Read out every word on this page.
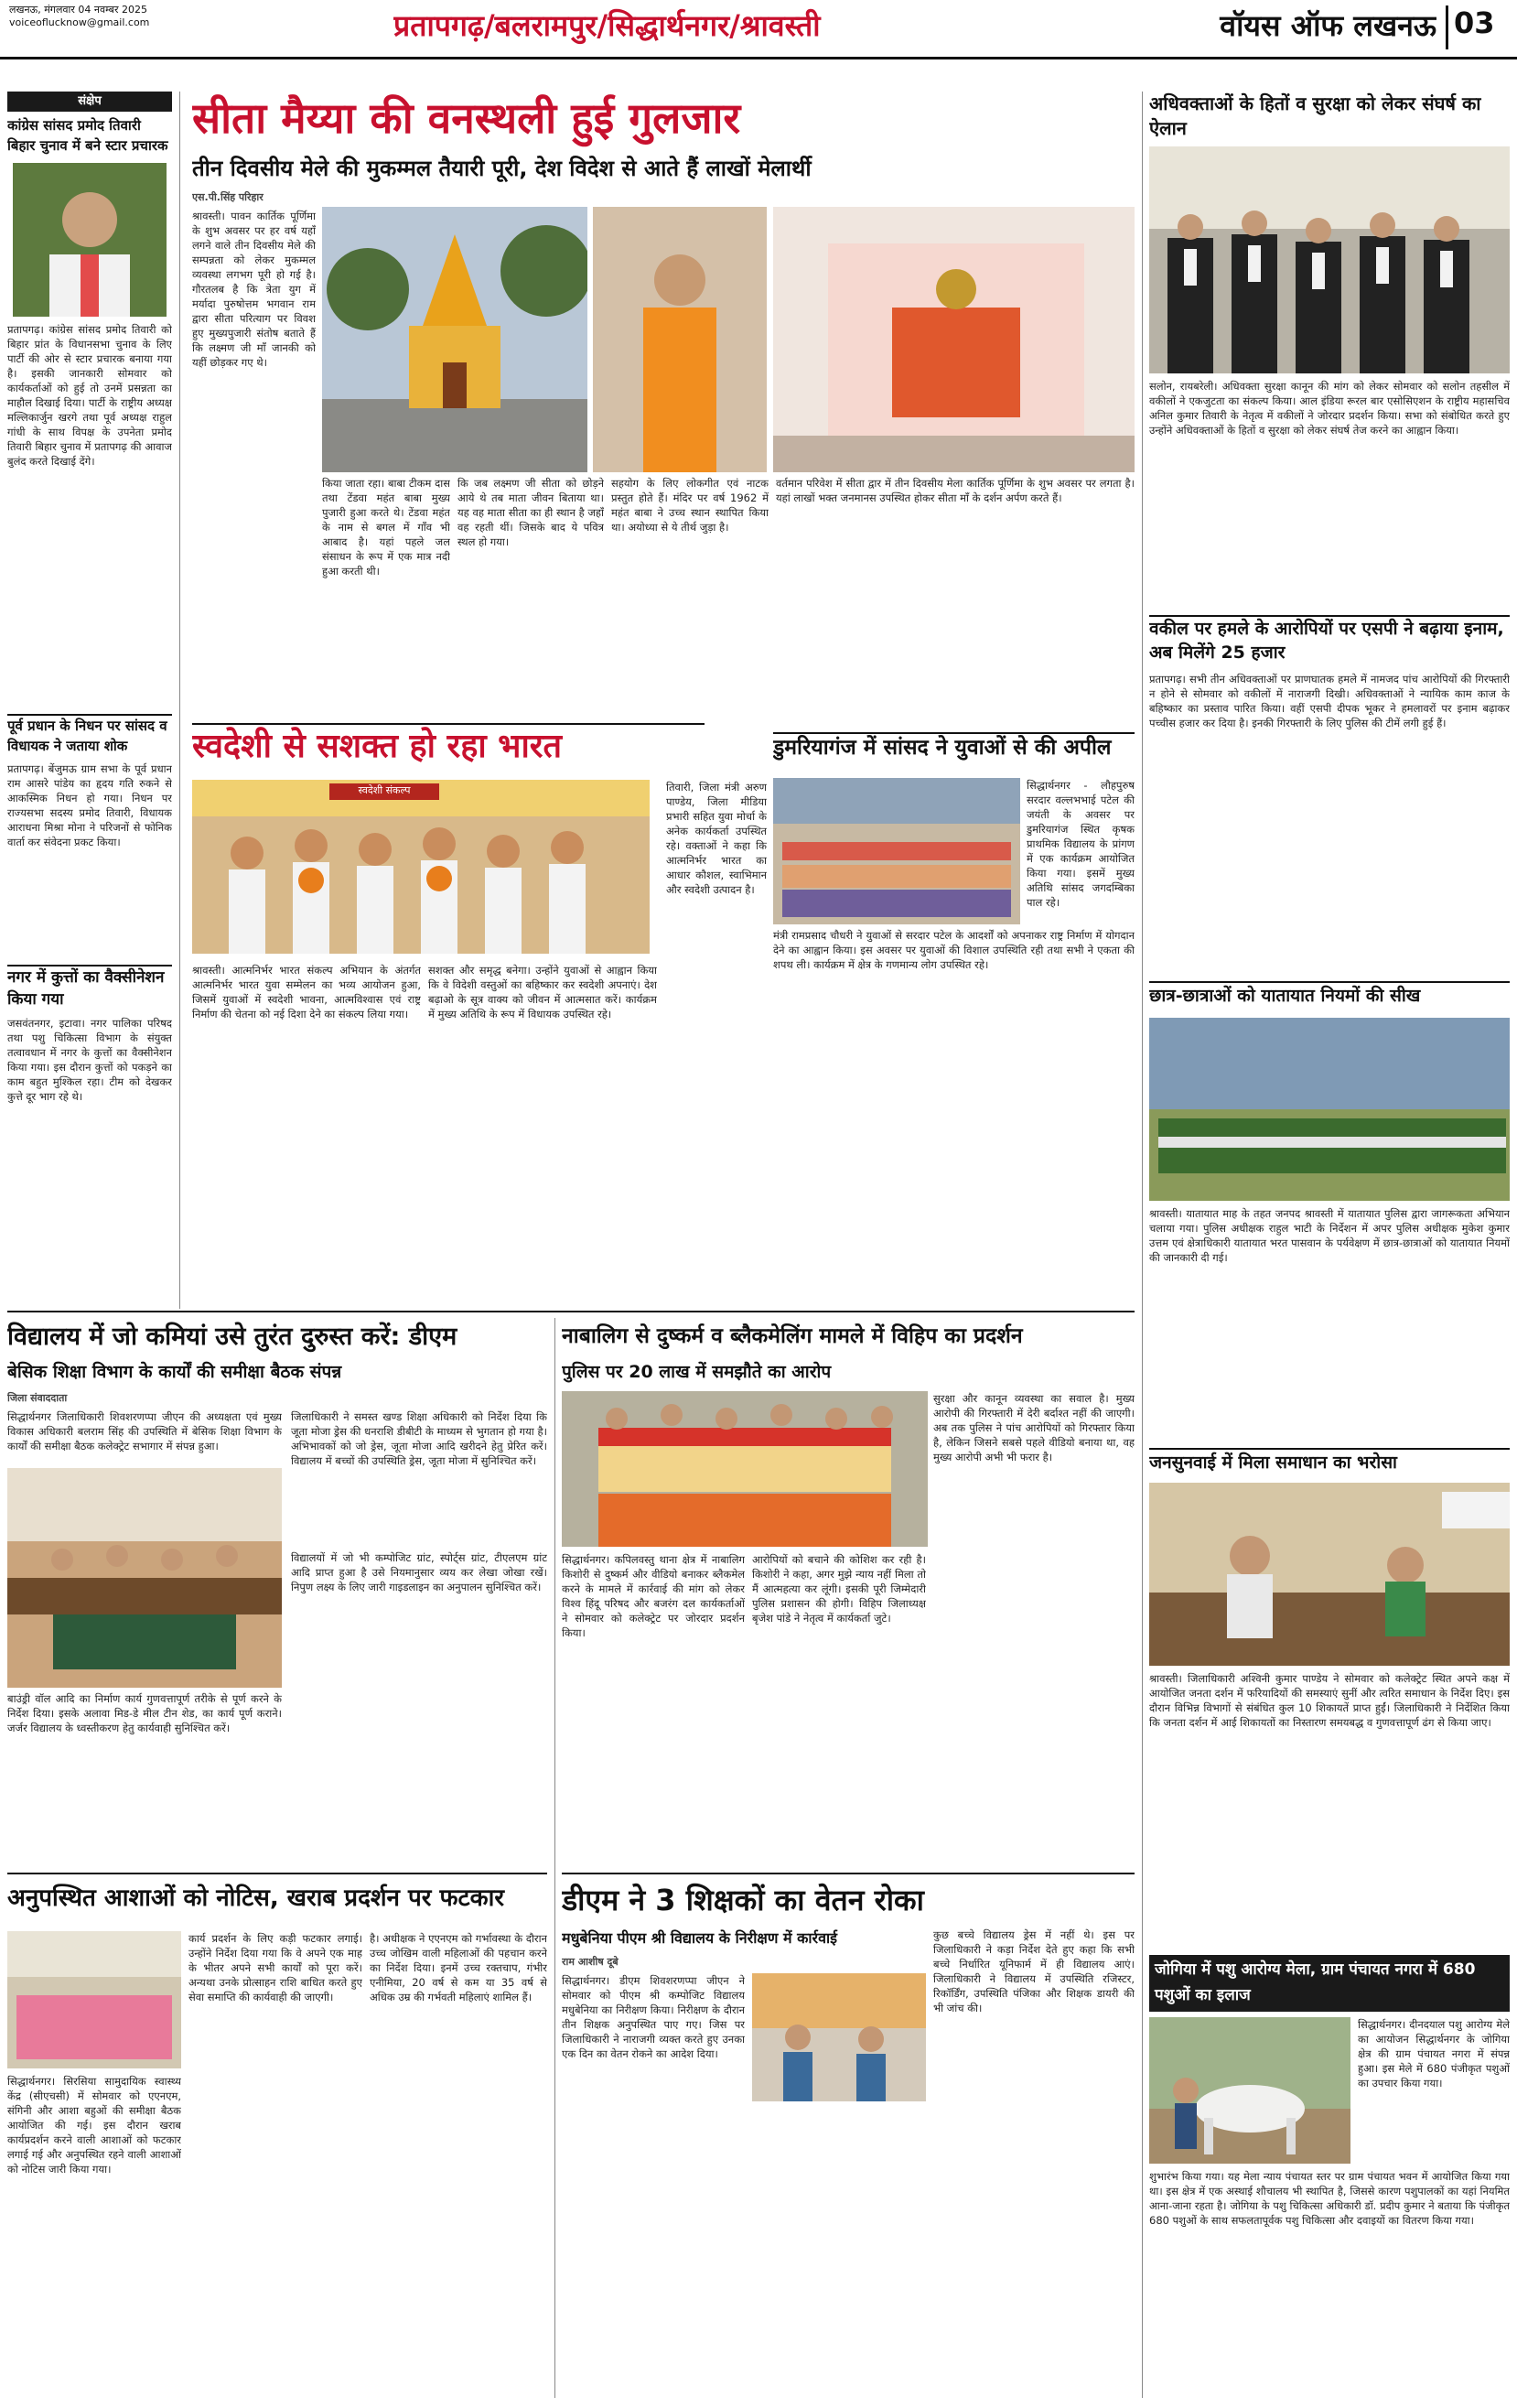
लखनऊ, मंगलवार 04 नवम्बर 2025
voiceoflucknow@gmail.com	प्रतापगढ़/बलरामपुर/सिद्धार्थनगर/श्रावस्ती	वॉयस ऑफ लखनऊ 03
संक्षेप
कांग्रेस सांसद प्रमोद तिवारी बिहार चुनाव में बने स्टार प्रचारक
प्रतापगढ़। कांग्रेस सांसद प्रमोद तिवारी को बिहार प्रांत के विधानसभा चुनाव के लिए पार्टी की ओर से स्टार प्रचारक बनाया गया है। इसकी जानकारी सोमवार को कार्यकर्ताओं को हुई तो उनमें प्रसन्नता का माहौल दिखाई दिया। पार्टी के राष्ट्रीय अध्यक्ष मल्लिकार्जुन खरगे तथा पूर्व अध्यक्ष राहुल गांधी के साथ विपक्ष के उपनेता प्रमोद तिवारी बिहार चुनाव में प्रतापगढ़ की आवाज बुलंद करते दिखाई देंगे।
पूर्व प्रधान के निधन पर सांसद व विधायक ने जताया शोक
प्रतापगढ़। बेंजुमऊ ग्राम सभा के पूर्व प्रधान राम आसरे पांडेय का हृदय गति रुकने से आकस्मिक निधन हो गया। निधन पर राज्यसभा सदस्य प्रमोद तिवारी, विधायक आराधना मिश्रा मोना ने परिजनों से फोनिक वार्ता कर संवेदना प्रकट किया।
नगर में कुत्तों का वैक्सीनेशन किया गया
जसवंतनगर, इटावा। नगर पालिका परिषद तथा पशु चिकित्सा विभाग के संयुक्त तत्वावधान में नगर के कुत्तों का वैक्सीनेशन किया गया। इस दौरान कुत्तों को पकड़ने का काम बहुत मुश्किल रहा। टीम को देखकर कुत्ते दूर भाग रहे थे।
सीता मैय्या की वनस्थली हुई गुलजार
तीन दिवसीय मेले की मुकम्मल तैयारी पूरी, देश विदेश से आते हैं लाखों मेलार्थी
एस.पी.सिंह परिहार
श्रावस्ती। पावन कार्तिक पूर्णिमा के शुभ अवसर पर हर वर्ष यहाँ लगने वाले तीन दिवसीय मेले की सम्पन्नता को लेकर मुकम्मल व्यवस्था लगभग पूरी हो गई है। गौरतलब है कि त्रेता युग में मर्यादा पुरुषोत्तम भगवान राम द्वारा सीता परित्याग पर विवश हुए मुख्यपुजारी संतोष बताते हैं कि लक्ष्मण जी माँ जानकी को यहीं छोड़कर गए थे।
किया जाता रहा। बाबा टीकम दास तथा टेंडवा महंत बाबा मुख्य पुजारी हुआ करते थे। टेंडवा महंत के नाम से बगल में गाँव भी आबाद है। यहां पहले जल संसाधन के रूप में एक मात्र नदी हुआ करती थी।
कि जब लक्ष्मण जी सीता को छोड़ने आये थे तब माता जीवन बिताया था। यह वह माता सीता का ही स्थान है जहाँ वह रहती थीं। जिसके बाद ये पवित्र स्थल हो गया।
सहयोग के लिए लोकगीत एवं नाटक प्रस्तुत होते हैं। मंदिर पर वर्ष 1962 में महंत बाबा ने उच्च स्थान स्थापित किया था। अयोध्या से ये तीर्थ जुड़ा है।
वर्तमान परिवेश में सीता द्वार में तीन दिवसीय मेला कार्तिक पूर्णिमा के शुभ अवसर पर लगता है। यहां लाखों भक्त जनमानस उपस्थित होकर सीता माँ के दर्शन अर्पण करते हैं।
स्वदेशी से सशक्त हो रहा भारत
स्वदेशी संकल्प
श्रावस्ती। आत्मनिर्भर भारत संकल्प अभियान के अंतर्गत आत्मनिर्भर भारत युवा सम्मेलन का भव्य आयोजन हुआ, जिसमें युवाओं में स्वदेशी भावना, आत्मविश्वास एवं राष्ट्र निर्माण की चेतना को नई दिशा देने का संकल्प लिया गया।
सशक्त और समृद्ध बनेगा। उन्होंने युवाओं से आह्वान किया कि वे विदेशी वस्तुओं का बहिष्कार कर स्वदेशी अपनाएं। देश बढ़ाओ के सूत्र वाक्य को जीवन में आत्मसात करें। कार्यक्रम में मुख्य अतिथि के रूप में विधायक उपस्थित रहे।
तिवारी, जिला मंत्री अरुण पाण्डेय, जिला मीडिया प्रभारी सहित युवा मोर्चा के अनेक कार्यकर्ता उपस्थित रहे। वक्ताओं ने कहा कि आत्मनिर्भर भारत का आधार कौशल, स्वाभिमान और स्वदेशी उत्पादन है।
डुमरियागंज में सांसद ने युवाओं से की अपील
सिद्धार्थनगर - लौहपुरुष सरदार वल्लभभाई पटेल की जयंती के अवसर पर डुमरियागंज स्थित कृषक प्राथमिक विद्यालय के प्रांगण में एक कार्यक्रम आयोजित किया गया। इसमें मुख्य अतिथि सांसद जगदम्बिका पाल रहे।
मंत्री रामप्रसाद चौधरी ने युवाओं से सरदार पटेल के आदर्शों को अपनाकर राष्ट्र निर्माण में योगदान देने का आह्वान किया। इस अवसर पर युवाओं की विशाल उपस्थिति रही तथा सभी ने एकता की शपथ ली। कार्यक्रम में क्षेत्र के गणमान्य लोग उपस्थित रहे।
अधिवक्ताओं के हितों व सुरक्षा को लेकर संघर्ष का ऐलान
सलोन, रायबरेली। अधिवक्ता सुरक्षा कानून की मांग को लेकर सोमवार को सलोन तहसील में वकीलों ने एकजुटता का संकल्प किया। आल इंडिया रूरल बार एसोसिएशन के राष्ट्रीय महासचिव अनिल कुमार तिवारी के नेतृत्व में वकीलों ने जोरदार प्रदर्शन किया। सभा को संबोधित करते हुए उन्होंने अधिवक्ताओं के हितों व सुरक्षा को लेकर संघर्ष तेज करने का आह्वान किया।
वकील पर हमले के आरोपियों पर एसपी ने बढ़ाया इनाम, अब मिलेंगे 25 हजार
प्रतापगढ़। सभी तीन अधिवक्ताओं पर प्राणघातक हमले में नामजद पांच आरोपियों की गिरफ्तारी न होने से सोमवार को वकीलों में नाराजगी दिखी। अधिवक्ताओं ने न्यायिक काम काज के बहिष्कार का प्रस्ताव पारित किया। वहीं एसपी दीपक भूकर ने हमलावरों पर इनाम बढ़ाकर पच्चीस हजार कर दिया है। इनकी गिरफ्तारी के लिए पुलिस की टीमें लगी हुई हैं।
छात्र-छात्राओं को यातायात नियमों की सीख
श्रावस्ती। यातायात माह के तहत जनपद श्रावस्ती में यातायात पुलिस द्वारा जागरूकता अभियान चलाया गया। पुलिस अधीक्षक राहुल भाटी के निर्देशन में अपर पुलिस अधीक्षक मुकेश कुमार उत्तम एवं क्षेत्राधिकारी यातायात भरत पासवान के पर्यवेक्षण में छात्र-छात्राओं को यातायात नियमों की जानकारी दी गई।
जनसुनवाई में मिला समाधान का भरोसा
श्रावस्ती। जिलाधिकारी अश्विनी कुमार पाण्डेय ने सोमवार को कलेक्ट्रेट स्थित अपने कक्ष में आयोजित जनता दर्शन में फरियादियों की समस्याएं सुनीं और त्वरित समाधान के निर्देश दिए। इस दौरान विभिन्न विभागों से संबंधित कुल 10 शिकायतें प्राप्त हुईं। जिलाधिकारी ने निर्देशित किया कि जनता दर्शन में आई शिकायतों का निस्तारण समयबद्ध व गुणवत्तापूर्ण ढंग से किया जाए।
जोगिया में पशु आरोग्य मेला, ग्राम पंचायत नगरा में 680 पशुओं का इलाज
सिद्धार्थनगर। दीनदयाल पशु आरोग्य मेले का आयोजन सिद्धार्थनगर के जोगिया क्षेत्र की ग्राम पंचायत नगरा में संपन्न हुआ। इस मेले में 680 पंजीकृत पशुओं का उपचार किया गया।
शुभारंभ किया गया। यह मेला न्याय पंचायत स्तर पर ग्राम पंचायत भवन में आयोजित किया गया था। इस क्षेत्र में एक अस्थाई शौचालय भी स्थापित है, जिससे कारण पशुपालकों का यहां नियमित आना-जाना रहता है। जोगिया के पशु चिकित्सा अधिकारी डॉ. प्रदीप कुमार ने बताया कि पंजीकृत 680 पशुओं के साथ सफलतापूर्वक पशु चिकित्सा और दवाइयों का वितरण किया गया।
विद्यालय में जो कमियां उसे तुरंत दुरुस्त करें: डीएम
बेसिक शिक्षा विभाग के कार्यों की समीक्षा बैठक संपन्न
जिला संवाददाता
सिद्धार्थनगर जिलाधिकारी शिवशरणप्पा जीएन की अध्यक्षता एवं मुख्य विकास अधिकारी बलराम सिंह की उपस्थिति में बेसिक शिक्षा विभाग के कार्यों की समीक्षा बैठक कलेक्ट्रेट सभागार में संपन्न हुआ।
बाउंड्री वॉल आदि का निर्माण कार्य गुणवत्तापूर्ण तरीके से पूर्ण करने के निर्देश दिया। इसके अलावा मिड-डे मील टीन शेड, का कार्य पूर्ण कराने। जर्जर विद्यालय के ध्वस्तीकरण हेतु कार्यवाही सुनिश्चित करें।
जिलाधिकारी ने समस्त खण्ड शिक्षा अधिकारी को निर्देश दिया कि जूता मोजा ड्रेस की धनराशि डीबीटी के माध्यम से भुगतान हो गया है। अभिभावकों को जो ड्रेस, जूता मोजा आदि खरीदने हेतु प्रेरित करें। विद्यालय में बच्चों की उपस्थिति ड्रेस, जूता मोजा में सुनिश्चित करें।
विद्यालयों में जो भी कम्पोजिट ग्रांट, स्पोर्ट्स ग्रांट, टीएलएम ग्रांट आदि प्राप्त हुआ है उसे नियमानुसार व्यय कर लेखा जोखा रखें। निपुण लक्ष्य के लिए जारी गाइडलाइन का अनुपालन सुनिश्चित करें।
नाबालिग से दुष्कर्म व ब्लैकमेलिंग मामले में विहिप का प्रदर्शन
पुलिस पर 20 लाख में समझौते का आरोप
सुरक्षा और कानून व्यवस्था का सवाल है। मुख्य आरोपी की गिरफ्तारी में देरी बर्दाश्त नहीं की जाएगी। अब तक पुलिस ने पांच आरोपियों को गिरफ्तार किया है, लेकिन जिसने सबसे पहले वीडियो बनाया था, वह मुख्य आरोपी अभी भी फरार है।
सिद्धार्थनगर। कपिलवस्तु थाना क्षेत्र में नाबालिग किशोरी से दुष्कर्म और वीडियो बनाकर ब्लैकमेल करने के मामले में कार्रवाई की मांग को लेकर विश्व हिंदू परिषद और बजरंग दल कार्यकर्ताओं ने सोमवार को कलेक्ट्रेट पर जोरदार प्रदर्शन किया।
आरोपियों को बचाने की कोशिश कर रही है। किशोरी ने कहा, अगर मुझे न्याय नहीं मिला तो मैं आत्महत्या कर लूंगी। इसकी पूरी जिम्मेदारी पुलिस प्रशासन की होगी। विहिप जिलाध्यक्ष बृजेश पांडे ने नेतृत्व में कार्यकर्ता जुटे।
अनुपस्थित आशाओं को नोटिस, खराब प्रदर्शन पर फटकार
सिद्धार्थनगर। सिरसिया सामुदायिक स्वास्थ्य केंद्र (सीएचसी) में सोमवार को एएनएम, संगिनी और आशा बहुओं की समीक्षा बैठक आयोजित की गई। इस दौरान खराब कार्यप्रदर्शन करने वाली आशाओं को फटकार लगाई गई और अनुपस्थित रहने वाली आशाओं को नोटिस जारी किया गया।
कार्य प्रदर्शन के लिए कड़ी फटकार लगाई। उन्होंने निर्देश दिया गया कि वे अपने एक माह के भीतर अपने सभी कार्यों को पूरा करें। अन्यथा उनके प्रोत्साहन राशि बाधित करते हुए सेवा समाप्ति की कार्यवाही की जाएगी।
है। अधीक्षक ने एएनएम को गर्भावस्था के दौरान उच्च जोखिम वाली महिलाओं की पहचान करने का निर्देश दिया। इनमें उच्च रक्तचाप, गंभीर एनीमिया, 20 वर्ष से कम या 35 वर्ष से अधिक उम्र की गर्भवती महिलाएं शामिल हैं।
डीएम ने 3 शिक्षकों का वेतन रोका
मधुबेनिया पीएम श्री विद्यालय के निरीक्षण में कार्रवाई
राम आशीष दूबे
सिद्धार्थनगर। डीएम शिवशरणप्पा जीएन ने सोमवार को पीएम श्री कम्पोजिट विद्यालय मधुबेनिया का निरीक्षण किया। निरीक्षण के दौरान तीन शिक्षक अनुपस्थित पाए गए। जिस पर जिलाधिकारी ने नाराजगी व्यक्त करते हुए उनका एक दिन का वेतन रोकने का आदेश दिया।
कुछ बच्चे विद्यालय ड्रेस में नहीं थे। इस पर जिलाधिकारी ने कड़ा निर्देश देते हुए कहा कि सभी बच्चे निर्धारित यूनिफार्म में ही विद्यालय आएं। जिलाधिकारी ने विद्यालय में उपस्थिति रजिस्टर, रिकॉर्डिंग, उपस्थिति पंजिका और शिक्षक डायरी की भी जांच की।
